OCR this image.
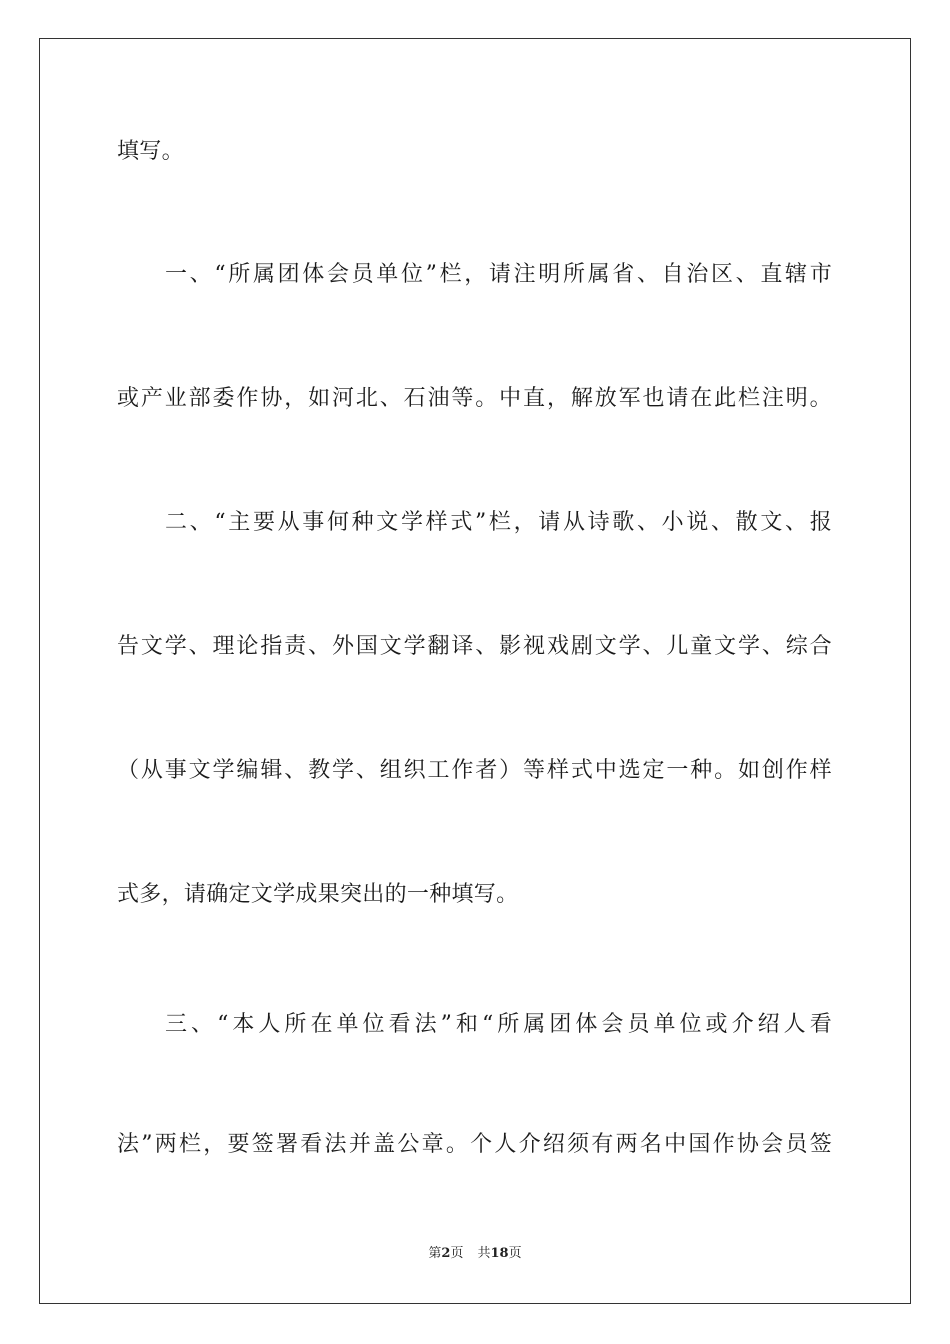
填写。
一、“所属团体会员单位”栏，请注明所属省、自治区、直辖市
或产业部委作协，如河北、石油等。中直，解放军也请在此栏注明。
二、“主要从事何种文学样式”栏，请从诗歌、小说、散文、报
告文学、理论指责、外国文学翻译、影视戏剧文学、儿童文学、综合
（从事文学编辑、教学、组织工作者）等样式中选定一种。如创作样
式多，请确定文学成果突出的一种填写。
三、“本人所在单位看法”和“所属团体会员单位或介绍人看
法”两栏，要签署看法并盖公章。个人介绍须有两名中国作协会员签
第2页 共18页
